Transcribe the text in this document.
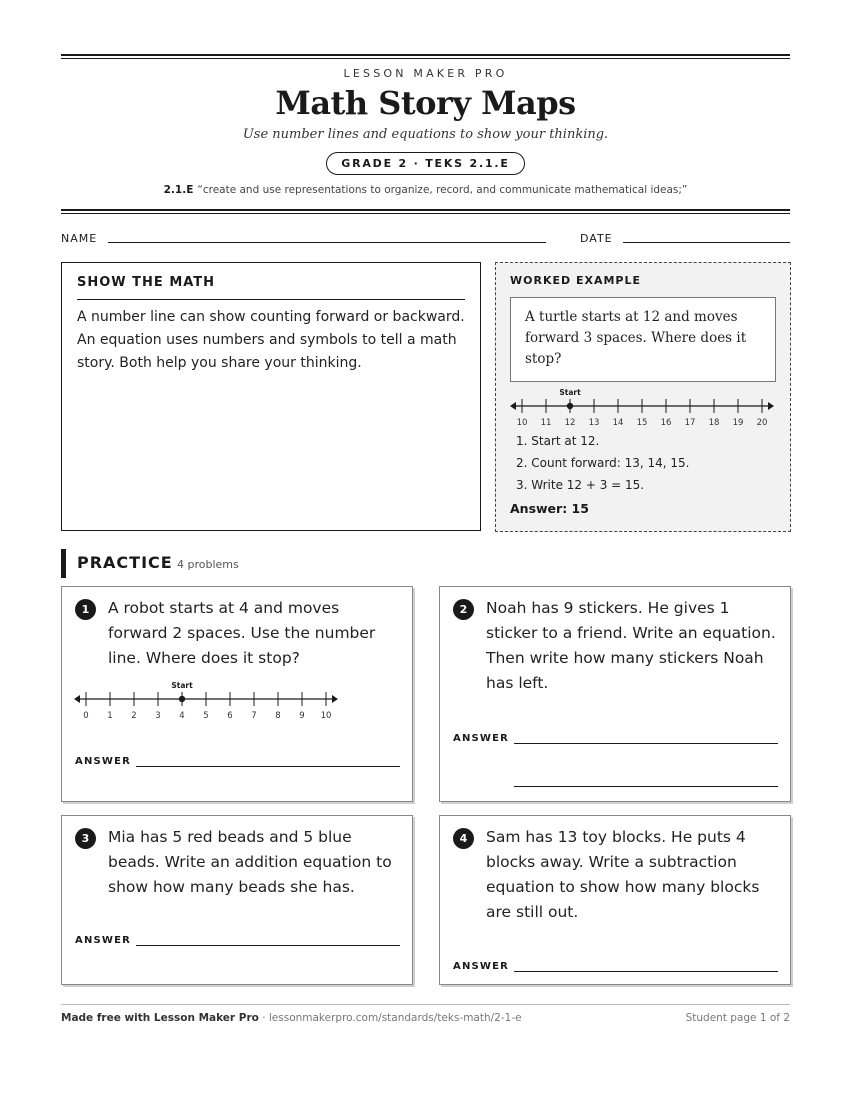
LESSON MAKER PRO
Math Story Maps
Use number lines and equations to show your thinking.
GRADE 2 · TEKS 2.1.E
2.1.E “create and use representations to organize, record, and communicate mathematical ideas;”
NAME	DATE
SHOW THE MATH
A number line can show counting forward or backward. An equation uses numbers and symbols to tell a math story. Both help you share your thinking.
WORKED EXAMPLE
A turtle starts at 12 and moves forward 3 spaces. Where does it stop?
10 11 12 13 14 15 16 17 18 19 20
Start
1. Start at 12.
2. Count forward: 13, 14, 15.
3. Write 12 + 3 = 15.
Answer: 15
PRACTICE 4 problems
1	A robot starts at 4 and moves
forward 2 spaces. Use the number
line. Where does it stop?
0 1 2 3 4 5 6 7 8 9 10
Start
ANSWER
2	Noah has 9 stickers. He gives 1
sticker to a friend. Write an equation.
Then write how many stickers Noah
has left.
ANSWER
3	Mia has 5 red beads and 5 blue
beads. Write an addition equation to
show how many beads she has.
ANSWER
4	Sam has 13 toy blocks. He puts 4
blocks away. Write a subtraction
equation to show how many blocks
are still out.
ANSWER
Made free with Lesson Maker Pro · lessonmakerpro.com/standards/teks-math/2-1-e	Student page 1 of 2
